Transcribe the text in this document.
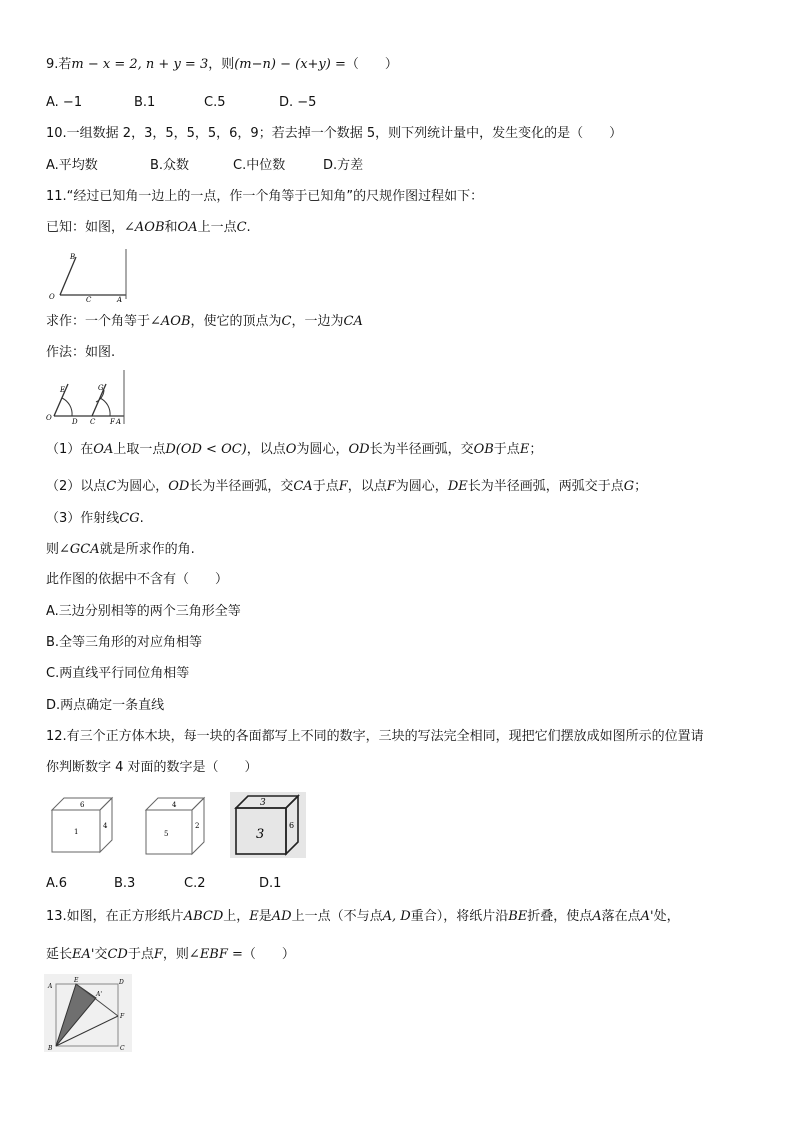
9.若m − x = 2, n + y = 3，则(m−n) − (x+y) =（　　）
A. −1	B.1	C.5	D. −5
10.一组数据 2，3，5，5，5，6，9；若去掉一个数据 5，则下列统计量中，发生变化的是（　　）
A.平均数	B.众数	C.中位数	D.方差
11.“经过已知角一边上的一点，作一个角等于已知角”的尺规作图过程如下：
已知：如图，∠AOB和OA上一点C.
B
O	C	A
求作：一个角等于∠AOB，使它的顶点为C，一边为CA
作法：如图.
E	G
O	D C F A
（1）在OA上取一点D(OD < OC)，以点O为圆心，OD长为半径画弧，交OB于点E；
（2）以点C为圆心，OD长为半径画弧，交CA于点F，以点F为圆心，DE长为半径画弧，两弧交于点G；
（3）作射线CG.
则∠GCA就是所求作的角.
此作图的依据中不含有（　　）
A.三边分别相等的两个三角形全等
B.全等三角形的对应角相等
C.两直线平行同位角相等
D.两点确定一条直线
12.有三个正方体木块，每一块的各面都写上不同的数字，三块的写法完全相同，现把它们摆放成如图所示的位置请
你判断数字 4 对面的数字是（　　）
6
1
4
4
5
2
3
3
6
A.6	B.3	C.2	D.1
13.如图，在正方形纸片ABCD上，E是AD上一点（不与点A, D重合），将纸片沿BE折叠，使点A落在点A'处，
延长EA'交CD于点F，则∠EBF =（　　）
A
E	D
A'
F
B	C
